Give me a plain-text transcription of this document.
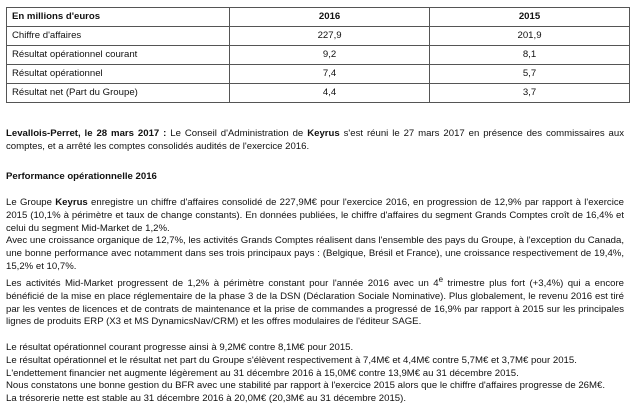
En millions d'euros	2016	2015
Chiffre d'affaires	227,9	201,9
Résultat opérationnel courant	9,2	8,1
Résultat opérationnel	7,4	5,7
Résultat net (Part du Groupe)	4,4	3,7

Levallois-Perret, le 28 mars 2017 : Le Conseil d'Administration de Keyrus s'est réuni le 27 mars 2017 en présence des commissaires aux comptes, et a arrêté les comptes consolidés audités de l'exercice 2016.

Performance opérationnelle 2016

Le Groupe Keyrus enregistre un chiffre d'affaires consolidé de 227,9M€ pour l'exercice 2016, en progression de 12,9% par rapport à l'exercice 2015 (10,1% à périmètre et taux de change constants). En données publiées, le chiffre d'affaires du segment Grands Comptes croît de 16,4% et celui du segment Mid-Market de 1,2%.

Avec une croissance organique de 12,7%, les activités Grands Comptes réalisent dans l'ensemble des pays du Groupe, à l'exception du Canada, une bonne performance avec notamment dans ses trois principaux pays : (Belgique, Brésil et France), une croissance respectivement de 19,4%, 15,2% et 10,7%.

Les activités Mid-Market progressent de 1,2% à périmètre constant pour l'année 2016 avec un 4e trimestre plus fort (+3,4%) qui a encore bénéficié de la mise en place réglementaire de la phase 3 de la DSN (Déclaration Sociale Nominative). Plus globalement, le revenu 2016 est tiré par les ventes de licences et de contrats de maintenance et la prise de commandes a progressé de 16,9% par rapport à 2015 sur les principales lignes de produits ERP (X3 et MS DynamicsNav/CRM) et les offres modulaires de l'éditeur SAGE.

Le résultat opérationnel courant progresse ainsi à 9,2M€ contre 8,1M€ pour 2015.

Le résultat opérationnel et le résultat net part du Groupe s'élèvent respectivement à 7,4M€ et 4,4M€ contre 5,7M€ et 3,7M€ pour 2015.

L'endettement financier net augmente légèrement au 31 décembre 2016 à 15,0M€ contre 13,9M€ au 31 décembre 2015.

Nous constatons une bonne gestion du BFR avec une stabilité par rapport à l'exercice 2015 alors que le chiffre d'affaires progresse de 26M€.

La trésorerie nette est stable au 31 décembre 2016 à 20,0M€ (20,3M€ au 31 décembre 2015).
